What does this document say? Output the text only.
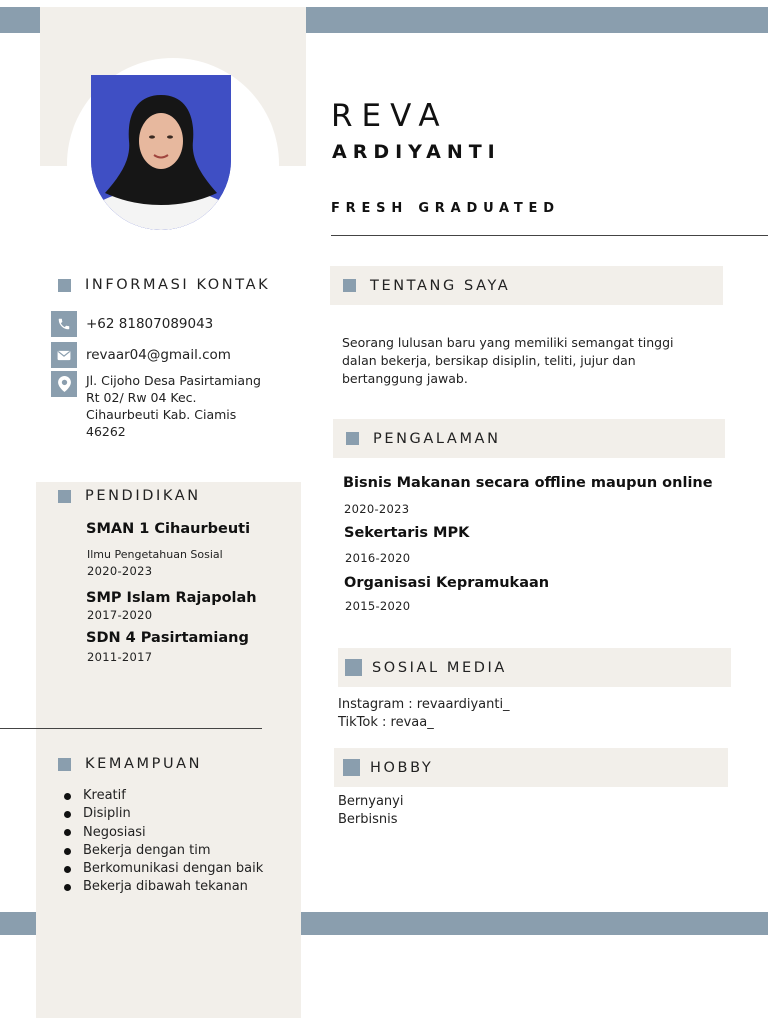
REVA
ARDIYANTI
FRESH GRADUATED
INFORMASI KONTAK
+62 81807089043
revaar04@gmail.com
Jl. Cijoho Desa Pasirtamiang
Rt 02/ Rw 04 Kec.
Cihaurbeuti Kab. Ciamis
46262
PENDIDIKAN
SMAN 1 Cihaurbeuti
Ilmu Pengetahuan Sosial
2020-2023
SMP Islam Rajapolah
2017-2020
SDN 4 Pasirtamiang
2011-2017
KEMAMPUAN
Kreatif
Disiplin
Negosiasi
Bekerja dengan tim
Berkomunikasi dengan baik
Bekerja dibawah tekanan
TENTANG SAYA
Seorang lulusan baru yang memiliki semangat tinggi dalan bekerja, bersikap disiplin, teliti, jujur dan bertanggung jawab.
PENGALAMAN
Bisnis Makanan secara offline maupun online
2020-2023
Sekertaris MPK
2016-2020
Organisasi Kepramukaan
2015-2020
SOSIAL MEDIA
Instagram : revaardiyanti_
TikTok : revaa_
HOBBY
Bernyanyi
Berbisnis
